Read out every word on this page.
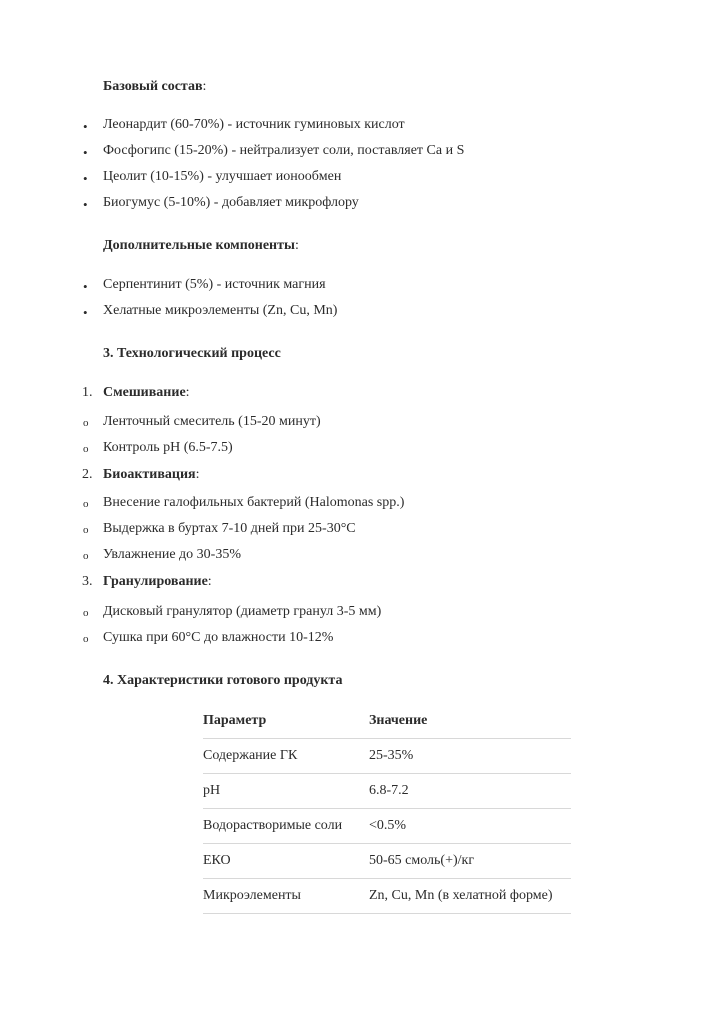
Базовый состав:
• Леонардит (60-70%) - источник гуминовых кислот
• Фосфогипс (15-20%) - нейтрализует соли, поставляет Са и S
• Цеолит (10-15%) - улучшает ионообмен
• Биогумус (5-10%) - добавляет микрофлору
Дополнительные компоненты:
• Серпентинит (5%) - источник магния
• Хелатные микроэлементы (Zn, Cu, Mn)
3. Технологический процесс
1. Смешивание:
o Ленточный смеситель (15-20 минут)
o Контроль pH (6.5-7.5)
2. Биоактивация:
o Внесение галофильных бактерий (Halomonas spp.)
o Выдержка в буртах 7-10 дней при 25-30°C
o Увлажнение до 30-35%
3. Гранулирование:
o Дисковый гранулятор (диаметр гранул 3-5 мм)
o Сушка при 60°C до влажности 10-12%
4. Характеристики готового продукта
Параметр	Значение
Содержание ГК	25-35%
pH	6.8-7.2
Водорастворимые соли	<0.5%
ЕКО	50-65 смоль(+)/кг
Микроэлементы	Zn, Cu, Mn (в хелатной форме)
